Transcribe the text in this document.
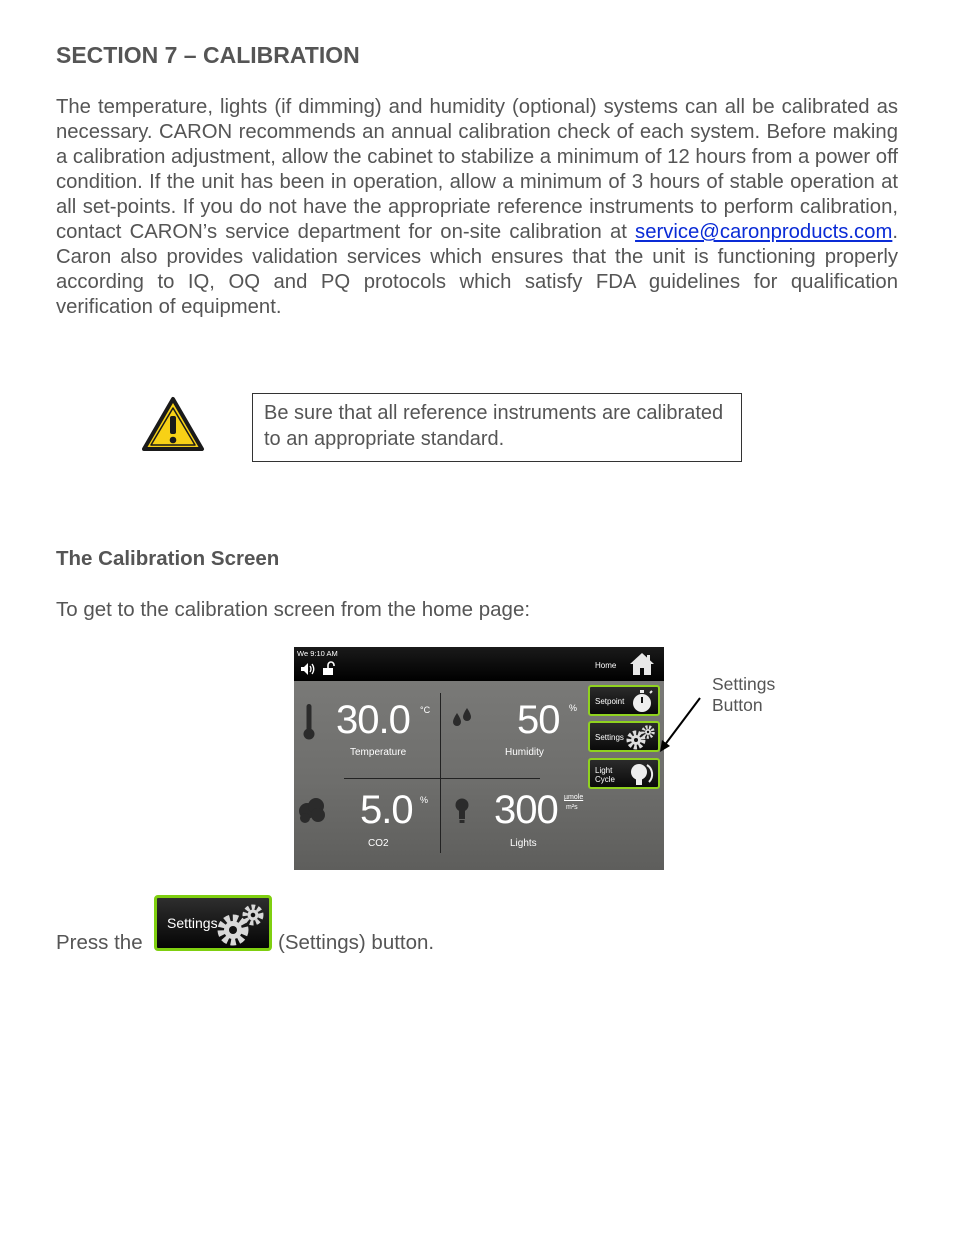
SECTION 7 – CALIBRATION
The temperature, lights (if dimming) and humidity (optional) systems can all be calibrated as necessary. CARON recommends an annual calibration check of each system. Before making a calibration adjustment, allow the cabinet to stabilize a minimum of 12 hours from a power off condition. If the unit has been in operation, allow a minimum of 3 hours of stable operation at all set-points. If you do not have the appropriate reference instruments to perform calibration, contact CARON’s service department for on-site calibration at service@caronproducts.com. Caron also provides validation services which ensures that the unit is functioning properly according to IQ, OQ and PQ protocols which satisfy FDA guidelines for qualification verification of equipment.
Be sure that all reference instruments are calibrated to an appropriate standard.
The Calibration Screen
To get to the calibration screen from the home page:
We 9:10 AM
Home
30.0 °C
Temperature
50 %
Humidity
5.0 %
CO2
300 µmole
m²s
Lights
Setpoint
Settings
Light
Cycle
Settings
Button
Press the
Settings
(Settings) button.
